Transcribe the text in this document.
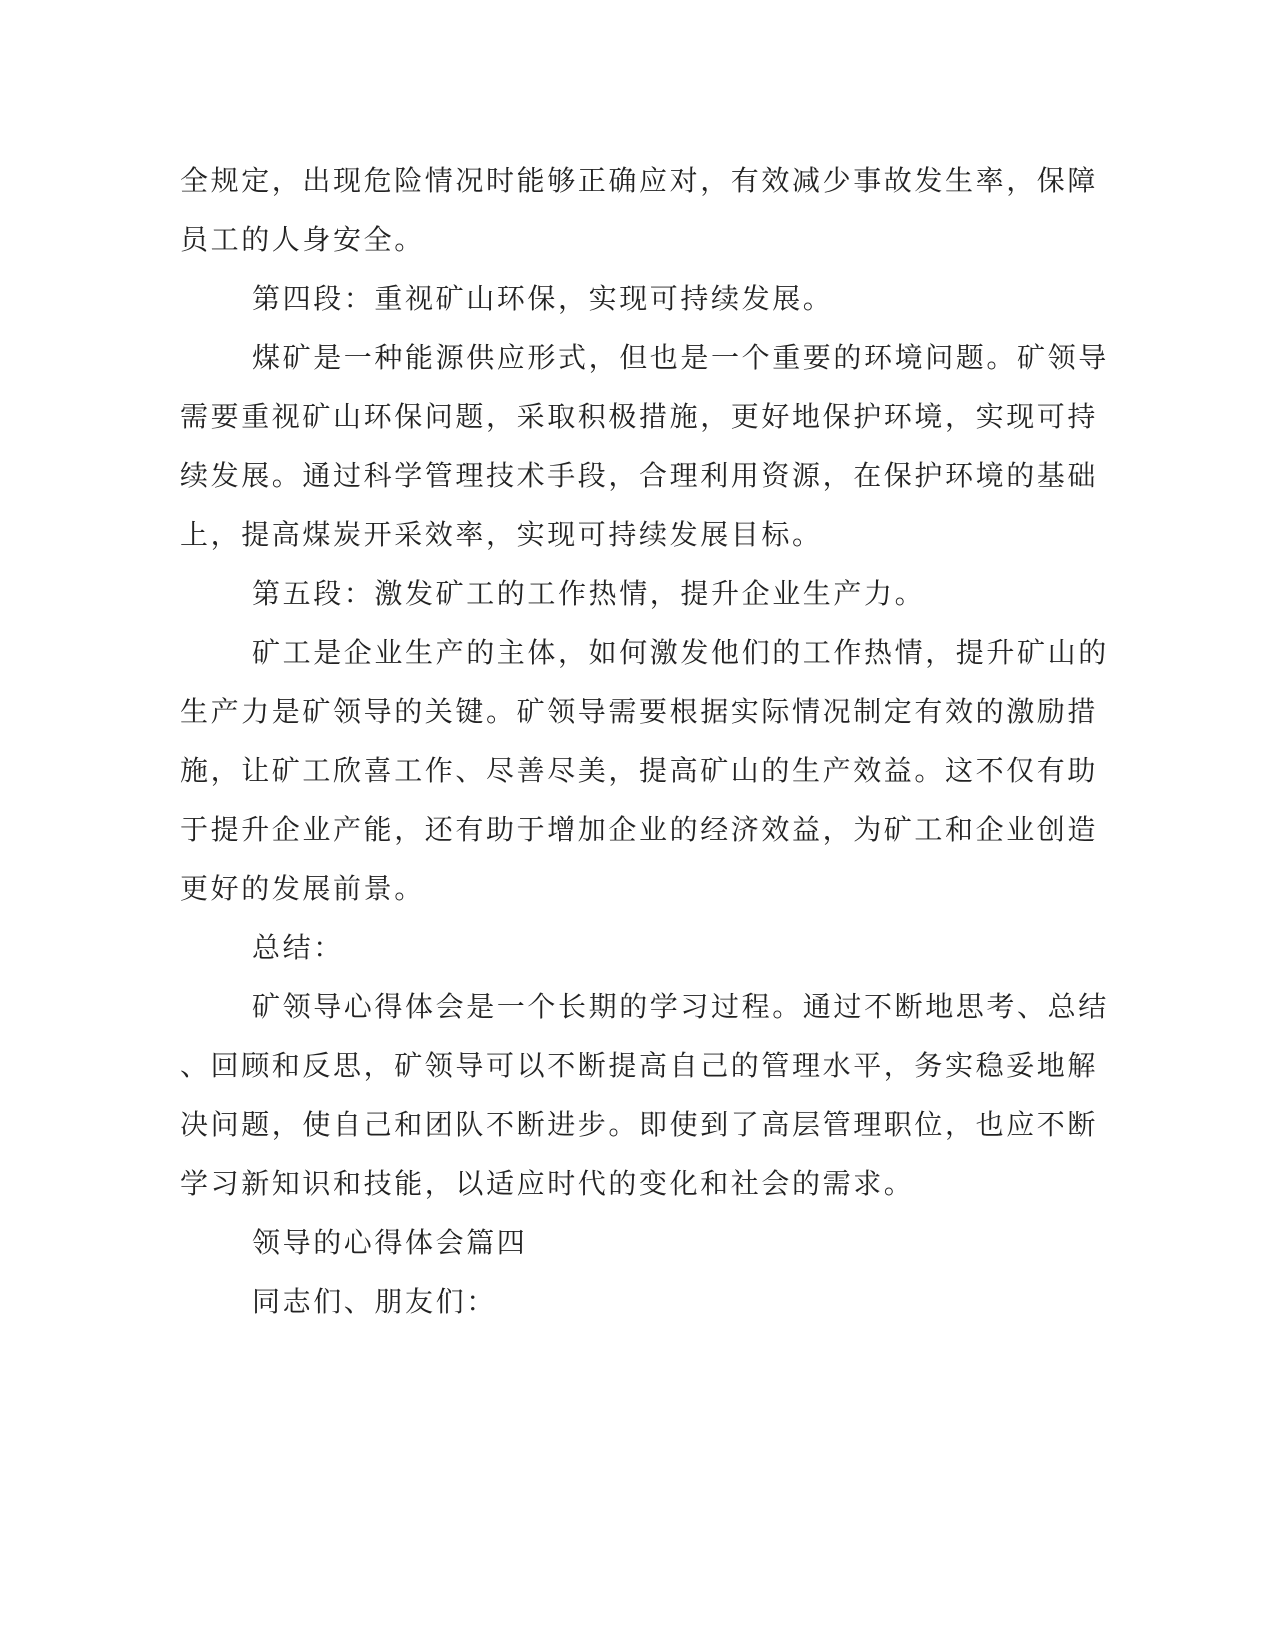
全规定，出现危险情况时能够正确应对，有效减少事故发生率，保障
员工的人身安全。
第四段：重视矿山环保，实现可持续发展。
煤矿是一种能源供应形式，但也是一个重要的环境问题。矿领导
需要重视矿山环保问题，采取积极措施，更好地保护环境，实现可持
续发展。通过科学管理技术手段，合理利用资源，在保护环境的基础
上，提高煤炭开采效率，实现可持续发展目标。
第五段：激发矿工的工作热情，提升企业生产力。
矿工是企业生产的主体，如何激发他们的工作热情，提升矿山的
生产力是矿领导的关键。矿领导需要根据实际情况制定有效的激励措
施，让矿工欣喜工作、尽善尽美，提高矿山的生产效益。这不仅有助
于提升企业产能，还有助于增加企业的经济效益，为矿工和企业创造
更好的发展前景。
总结：
矿领导心得体会是一个长期的学习过程。通过不断地思考、总结
、回顾和反思，矿领导可以不断提高自己的管理水平，务实稳妥地解
决问题，使自己和团队不断进步。即使到了高层管理职位，也应不断
学习新知识和技能，以适应时代的变化和社会的需求。
领导的心得体会篇四
同志们、朋友们：
